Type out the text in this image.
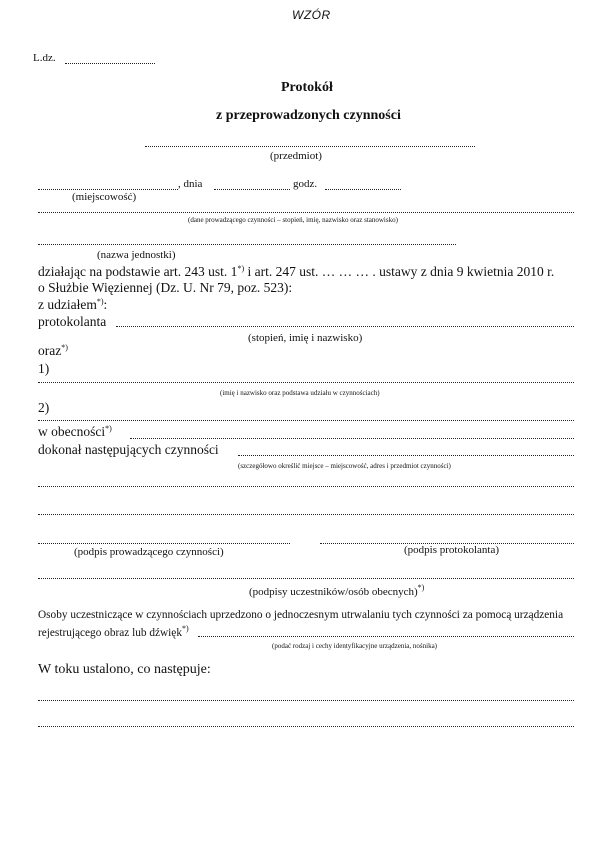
WZÓR
L.dz.
Protokół
z przeprowadzonych czynności
(przedmiot)
, dnia	godz.
(miejscowość)
(dane prowadzącego czynności – stopień, imię, nazwisko oraz stanowisko)
(nazwa jednostki)
działając na podstawie art. 243 ust. 1*) i art. 247 ust. … … … . ustawy z dnia 9 kwietnia 2010 r.
o Służbie Więziennej (Dz. U. Nr 79, poz. 523):
z udziałem*):
protokolanta
(stopień, imię i nazwisko)
oraz*)
1)
(imię i nazwisko oraz podstawa udziału w czynnościach)
2)
w obecności*)
dokonał następujących czynności
(szczegółowo określić miejsce – miejscowość, adres i przedmiot czynności)
(podpis prowadzącego czynności)	(podpis protokolanta)
(podpisy uczestników/osób obecnych)*)
Osoby uczestniczące w czynnościach uprzedzono o jednoczesnym utrwalaniu tych czynności za pomocą urządzenia
rejestrującego obraz lub dźwięk*)
(podać rodzaj i cechy identyfikacyjne urządzenia, nośnika)
W toku ustalono, co następuje:
